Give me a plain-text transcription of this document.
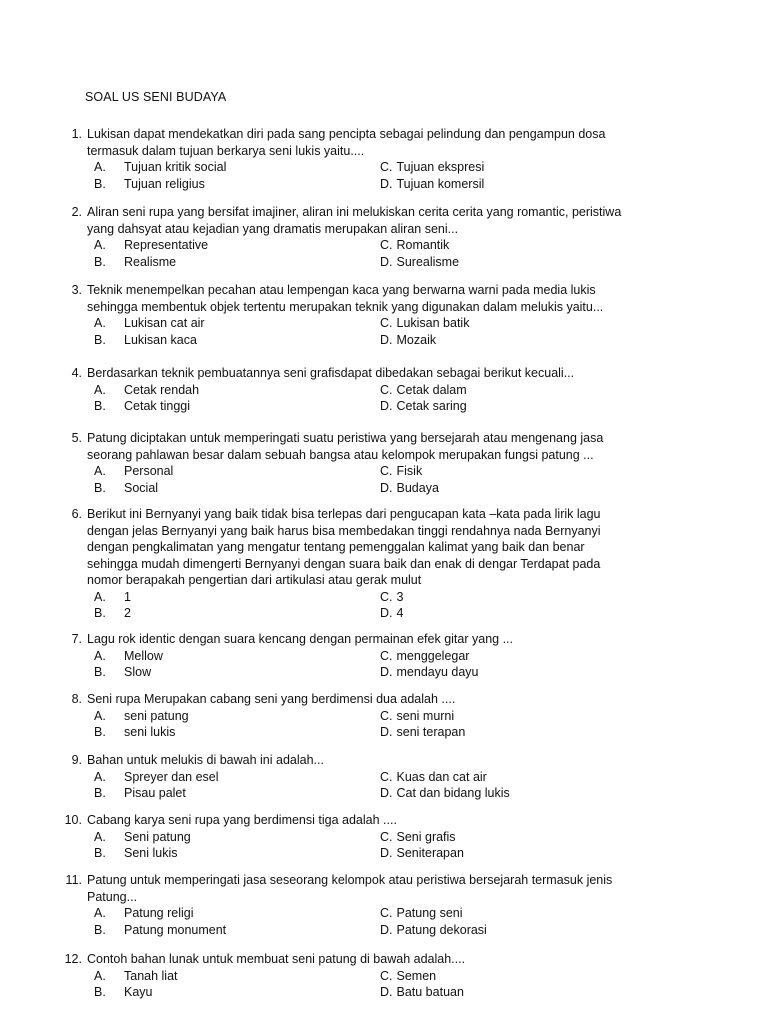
SOAL US SENI BUDAYA
1. Lukisan dapat mendekatkan diri pada sang pencipta sebagai pelindung dan pengampun dosa
termasuk dalam tujuan berkarya seni lukis yaitu....
A. Tujuan kritik social	C. Tujuan ekspresi
B. Tujuan religius	D. Tujuan komersil
2. Aliran seni rupa yang bersifat imajiner, aliran ini melukiskan cerita cerita yang romantic, peristiwa
yang dahsyat atau kejadian yang dramatis merupakan aliran seni...
A. Representative	C. Romantik
B. Realisme	D. Surealisme
3. Teknik menempelkan pecahan atau lempengan kaca yang berwarna warni pada media lukis
sehingga membentuk objek tertentu merupakan teknik yang digunakan dalam melukis yaitu...
A. Lukisan cat air	C. Lukisan batik
B. Lukisan kaca	D. Mozaik
4. Berdasarkan teknik pembuatannya seni grafisdapat dibedakan sebagai berikut kecuali...
A. Cetak rendah	C. Cetak dalam
B. Cetak tinggi	D. Cetak saring
5. Patung diciptakan untuk memperingati suatu peristiwa yang bersejarah atau mengenang jasa
seorang pahlawan besar dalam sebuah bangsa atau kelompok merupakan fungsi patung ...
A. Personal	C. Fisik
B. Social	D. Budaya
6. Berikut ini Bernyanyi yang baik tidak bisa terlepas dari pengucapan kata –kata pada lirik lagu
dengan jelas Bernyanyi yang baik harus bisa membedakan tinggi rendahnya nada Bernyanyi
dengan pengkalimatan yang mengatur tentang pemenggalan kalimat yang baik dan benar
sehingga mudah dimengerti Bernyanyi dengan suara baik dan enak di dengar Terdapat pada
nomor berapakah pengertian dari artikulasi atau gerak mulut
A. 1	C. 3
B. 2	D. 4
7. Lagu rok identic dengan suara kencang dengan permainan efek gitar yang ...
A. Mellow	C. menggelegar
B. Slow	D. mendayu dayu
8. Seni rupa Merupakan cabang seni yang berdimensi dua adalah ....
A. seni patung	C. seni murni
B. seni lukis	D. seni terapan
9. Bahan untuk melukis di bawah ini adalah...
A. Spreyer dan esel	C. Kuas dan cat air
B. Pisau palet	D. Cat dan bidang lukis
10. Cabang karya seni rupa yang berdimensi tiga adalah ....
A. Seni patung	C. Seni grafis
B. Seni lukis	D. Seniterapan
11. Patung untuk memperingati jasa seseorang kelompok atau peristiwa bersejarah termasuk jenis
Patung...
A. Patung religi	C. Patung seni
B. Patung monument	D. Patung dekorasi
12. Contoh bahan lunak untuk membuat seni patung di bawah adalah....
A. Tanah liat	C. Semen
B. Kayu	D. Batu batuan
